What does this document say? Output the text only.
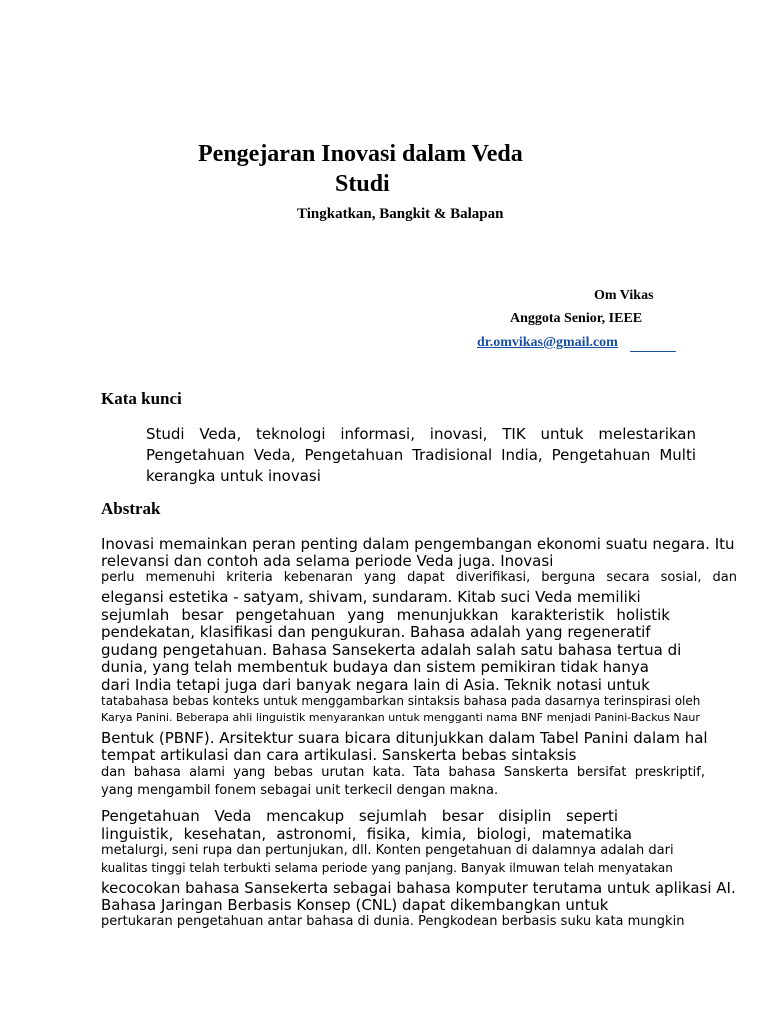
Pengejaran Inovasi dalam Veda
Studi
Tingkatkan, Bangkit & Balapan
Om Vikas
Anggota Senior, IEEE
dr.omvikas@gmail.com
Kata kunci
Studi Veda, teknologi informasi, inovasi, TIK untuk melestarikan
Pengetahuan Veda, Pengetahuan Tradisional India, Pengetahuan Multi
kerangka untuk inovasi
Abstrak
Inovasi memainkan peran penting dalam pengembangan ekonomi suatu negara. Itu
relevansi dan contoh ada selama periode Veda juga. Inovasi
perlu memenuhi kriteria kebenaran yang dapat diverifikasi, berguna secara sosial, dan
elegansi estetika - satyam, shivam, sundaram. Kitab suci Veda memiliki
sejumlah besar pengetahuan yang menunjukkan karakteristik holistik
pendekatan, klasifikasi dan pengukuran. Bahasa adalah yang regeneratif
gudang pengetahuan. Bahasa Sansekerta adalah salah satu bahasa tertua di
dunia, yang telah membentuk budaya dan sistem pemikiran tidak hanya
dari India tetapi juga dari banyak negara lain di Asia. Teknik notasi untuk
tatabahasa bebas konteks untuk menggambarkan sintaksis bahasa pada dasarnya terinspirasi oleh
Karya Panini. Beberapa ahli linguistik menyarankan untuk mengganti nama BNF menjadi Panini-Backus Naur
Bentuk (PBNF). Arsitektur suara bicara ditunjukkan dalam Tabel Panini dalam hal
tempat artikulasi dan cara artikulasi. Sanskerta bebas sintaksis
dan bahasa alami yang bebas urutan kata. Tata bahasa Sanskerta bersifat preskriptif,
yang mengambil fonem sebagai unit terkecil dengan makna.
Pengetahuan Veda mencakup sejumlah besar disiplin seperti
linguistik, kesehatan, astronomi, fisika, kimia, biologi, matematika
metalurgi, seni rupa dan pertunjukan, dll. Konten pengetahuan di dalamnya adalah dari
kualitas tinggi telah terbukti selama periode yang panjang. Banyak ilmuwan telah menyatakan
kecocokan bahasa Sansekerta sebagai bahasa komputer terutama untuk aplikasi AI.
Bahasa Jaringan Berbasis Konsep (CNL) dapat dikembangkan untuk
pertukaran pengetahuan antar bahasa di dunia. Pengkodean berbasis suku kata mungkin
